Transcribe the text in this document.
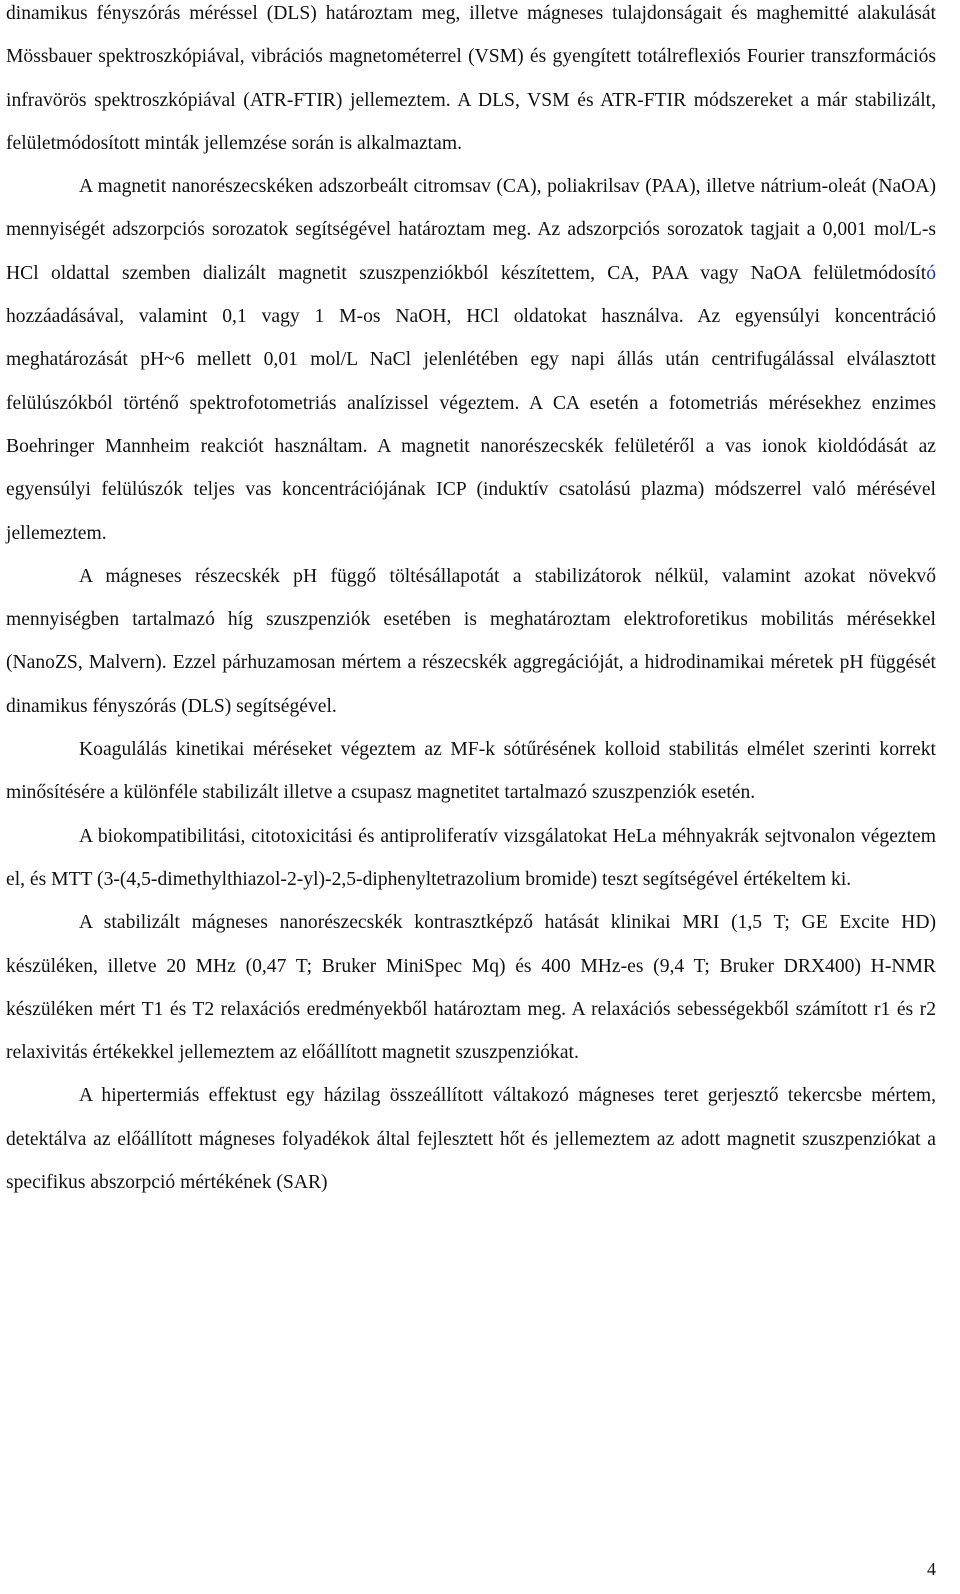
dinamikus fényszórás méréssel (DLS) határoztam meg, illetve mágneses tulajdonságait és maghemitté alakulását Mössbauer spektroszkópiával, vibrációs magnetométerrel (VSM) és gyengített totálreflexiós Fourier transzformációs infravörös spektroszkópiával (ATR-FTIR) jellemeztem. A DLS, VSM és ATR-FTIR módszereket a már stabilizált, felületmódosított minták jellemzése során is alkalmaztam.

A magnetit nanorészecskéken adszorbeált citromsav (CA), poliakrilsav (PAA), illetve nátrium-oleát (NaOA) mennyiségét adszorpciós sorozatok segítségével határoztam meg. Az adszorpciós sorozatok tagjait a 0,001 mol/L-s HCl oldattal szemben dializált magnetit szuszpenziókból készítettem, CA, PAA vagy NaOA felületmódosító hozzáadásával, valamint 0,1 vagy 1 M-os NaOH, HCl oldatokat használva. Az egyensúlyi koncentráció meghatározását pH~6 mellett 0,01 mol/L NaCl jelenlétében egy napi állás után centrifugálással elválasztott felülúszókból történő spektrofotometriás analízissel végeztem. A CA esetén a fotometriás mérésekhez enzimes Boehringer Mannheim reakciót használtam. A magnetit nanorészecskék felületéről a vas ionok kioldódását az egyensúlyi felülúszók teljes vas koncentrációjának ICP (induktív csatolású plazma) módszerrel való mérésével jellemeztem.

A mágneses részecskék pH függő töltésállapotát a stabilizátorok nélkül, valamint azokat növekvő mennyiségben tartalmazó híg szuszpenziók esetében is meghatároztam elektroforetikus mobilitás mérésekkel (NanoZS, Malvern). Ezzel párhuzamosan mértem a részecskék aggregációját, a hidrodinamikai méretek pH függését dinamikus fényszórás (DLS) segítségével.

Koagulálás kinetikai méréseket végeztem az MF-k sótűrésének kolloid stabilitás elmélet szerinti korrekt minősítésére a különféle stabilizált illetve a csupasz magnetitet tartalmazó szuszpenziók esetén.

A biokompatibilitási, citotoxicitási és antiproliferatív vizsgálatokat HeLa méhnyakrák sejtvonalon végeztem el, és MTT (3-(4,5-dimethylthiazol-2-yl)-2,5-diphenyltetrazolium bromide) teszt segítségével értékeltem ki.

A stabilizált mágneses nanorészecskék kontrasztképző hatását klinikai MRI (1,5 T; GE Excite HD) készüléken, illetve 20 MHz (0,47 T; Bruker MiniSpec Mq) és 400 MHz-es (9,4 T; Bruker DRX400) H-NMR készüléken mért T1 és T2 relaxációs eredményekből határoztam meg. A relaxációs sebességekből számított r1 és r2 relaxivitás értékekkel jellemeztem az előállított magnetit szuszpenziókat.

A hipertermiás effektust egy házilag összeállított váltakozó mágneses teret gerjesztő tekercsbe mértem, detektálva az előállított mágneses folyadékok által fejlesztett hőt és jellemeztem az adott magnetit szuszpenziókat a specifikus abszorpció mértékének (SAR)

4
